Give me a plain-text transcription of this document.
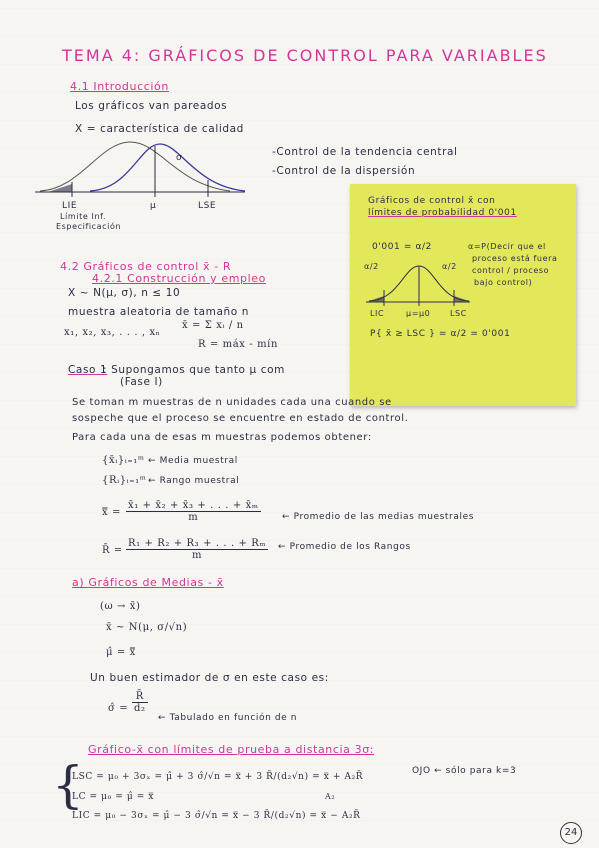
TEMA 4: GRÁFICOS DE CONTROL PARA VARIABLES
4.1 Introducción
Los gráficos van pareados
X = característica de calidad
σ
LIE
Límite Inf.
Especificación
μ	LSE
-Control de la tendencia central
-Control de la dispersión
Gráficos de control x̄ con
límites de probabilidad 0'001
0'001 = α/2	α=P(Decir que el
proceso está fuera
control / proceso
bajo control)
α/2	α/2
LIC	μ=μ0 LSC
P{ x̄ ≥ LSC } = α/2 = 0'001
4.2 Gráficos de control x̄ - R
4.2.1 Construcción y empleo
X ~ N(μ, σ), n ≤ 10
muestra aleatoria de tamaño n
x₁, x₂, x₃, . . . , xₙ
x̄ = Σ xᵢ / n
R = máx - mín
Caso 1
: Supongamos que tanto μ com
(Fase I)
Se toman m muestras de n unidades cada una cuando se
sospeche que el proceso se encuentre en estado de control.
Para cada una de esas m muestras podemos obtener:
{x̄ᵢ}ᵢ₌₁ᵐ ← Media muestral
{Rᵢ}ᵢ₌₁ᵐ ← Rango muestral
x̿ = $\frac{\text{x̄₁ + x̄₂ + x̄₃ + . . . + x̄ₘ}}{m}$ ← Promedio de las medias muestrales
R̄ = $\frac{\text{R₁ + R₂ + R₃ + . . . + Rₘ}}{m}$ ← Promedio de los Rangos
a) Gráficos de Medias - x̄
(ω → x̄)
x̄ ~ N(μ, σ/√n)
μ̂ = x̿
Un buen estimador de σ en este caso es:
σ̂ = $\frac{R̄}{\text{d₂}}$
← Tabulado en función de n
Gráfico-x̄ con límites de prueba a distancia 3σ:
{
LSC = μ₀ + 3σₓ = μ̂ + 3 σ̂/√n = x̿ + 3 R̄/(d₂√n) = x̿ + A₂R̄
LC = μ₀ = μ̂ = x̿
LIC = μ₀ − 3σₓ = μ̂ − 3 σ̂/√n = x̿ − 3 R̄/(d₂√n) = x̿ − A₂R̄
A₂
OJO ← sólo para k=3
24
